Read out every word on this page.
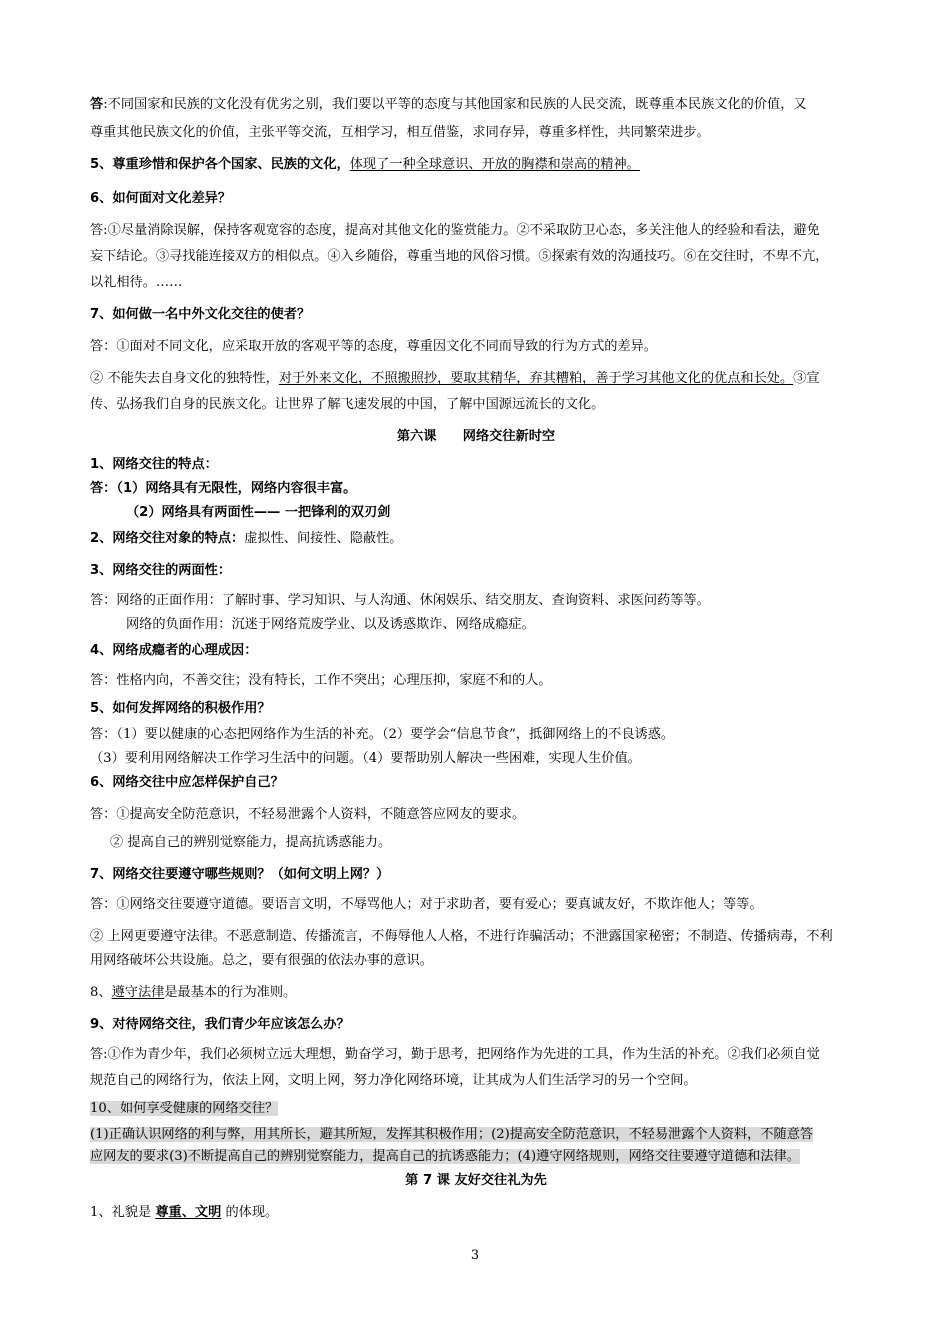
答:不同国家和民族的文化没有优劣之别，我们要以平等的态度与其他国家和民族的人民交流，既尊重本民族文化的价值，又
尊重其他民族文化的价值，主张平等交流，互相学习，相互借鉴，求同存异，尊重多样性，共同繁荣进步。
5、尊重珍惜和保护各个国家、民族的文化，体现了一种全球意识、开放的胸襟和崇高的精神。
6、如何面对文化差异？
答:①尽量消除误解，保持客观宽容的态度，提高对其他文化的鉴赏能力。②不采取防卫心态，多关注他人的经验和看法，避免
妄下结论。③寻找能连接双方的相似点。④入乡随俗，尊重当地的风俗习惯。⑤探索有效的沟通技巧。⑥在交往时，不卑不亢，
以礼相待。……
7、如何做一名中外文化交往的使者？
答：①面对不同文化，应采取开放的客观平等的态度，尊重因文化不同而导致的行为方式的差异。
② 不能失去自身文化的独特性，对于外来文化，不照搬照抄，要取其精华，弃其糟粕，善于学习其他文化的优点和长处。③宣
传、弘扬我们自身的民族文化。让世界了解飞速发展的中国，了解中国源远流长的文化。
第六课　　网络交往新时空
1、网络交往的特点：
答：（1）网络具有无限性，网络内容很丰富。
（2）网络具有两面性—— 一把锋利的双刃剑
2、网络交往对象的特点：虚拟性、间接性、隐蔽性。
3、网络交往的两面性：
答：网络的正面作用：了解时事、学习知识、与人沟通、休闲娱乐、结交朋友、查询资料、求医问药等等。
网络的负面作用：沉迷于网络荒废学业、以及诱惑欺诈、网络成瘾症。
4、网络成瘾者的心理成因：
答：性格内向，不善交往；没有特长，工作不突出；心理压抑，家庭不和的人。
5、如何发挥网络的积极作用？
答：（1）要以健康的心态把网络作为生活的补充。（2）要学会“信息节食”，抵御网络上的不良诱惑。
（3）要利用网络解决工作学习生活中的问题。（4）要帮助别人解决一些困难，实现人生价值。
6、网络交往中应怎样保护自己？
答：①提高安全防范意识，不轻易泄露个人资料，不随意答应网友的要求。
② 提高自己的辨别觉察能力，提高抗诱惑能力。
7、网络交往要遵守哪些规则？（如何文明上网？）
答：①网络交往要遵守道德。要语言文明，不辱骂他人；对于求助者，要有爱心；要真诚友好，不欺诈他人；等等。
② 上网更要遵守法律。不恶意制造、传播流言，不侮辱他人人格，不进行诈骗活动；不泄露国家秘密；不制造、传播病毒，不利
用网络破坏公共设施。总之，要有很强的依法办事的意识。
8、遵守法律是最基本的行为准则。
9、对待网络交往，我们青少年应该怎么办？
答:①作为青少年，我们必须树立远大理想，勤奋学习，勤于思考，把网络作为先进的工具，作为生活的补充。②我们必须自觉
规范自己的网络行为，依法上网，文明上网，努力净化网络环境，让其成为人们生活学习的另一个空间。
10、如何享受健康的网络交往？
(1)正确认识网络的利与弊，用其所长，避其所短，发挥其积极作用；(2)提高安全防范意识，不轻易泄露个人资料，不随意答
应网友的要求(3)不断提高自己的辨别觉察能力，提高自己的抗诱惑能力；(4)遵守网络规则，网络交往要遵守道德和法律。
第 7 课 友好交往礼为先
1、礼貌是 尊重、文明 的体现。
3
